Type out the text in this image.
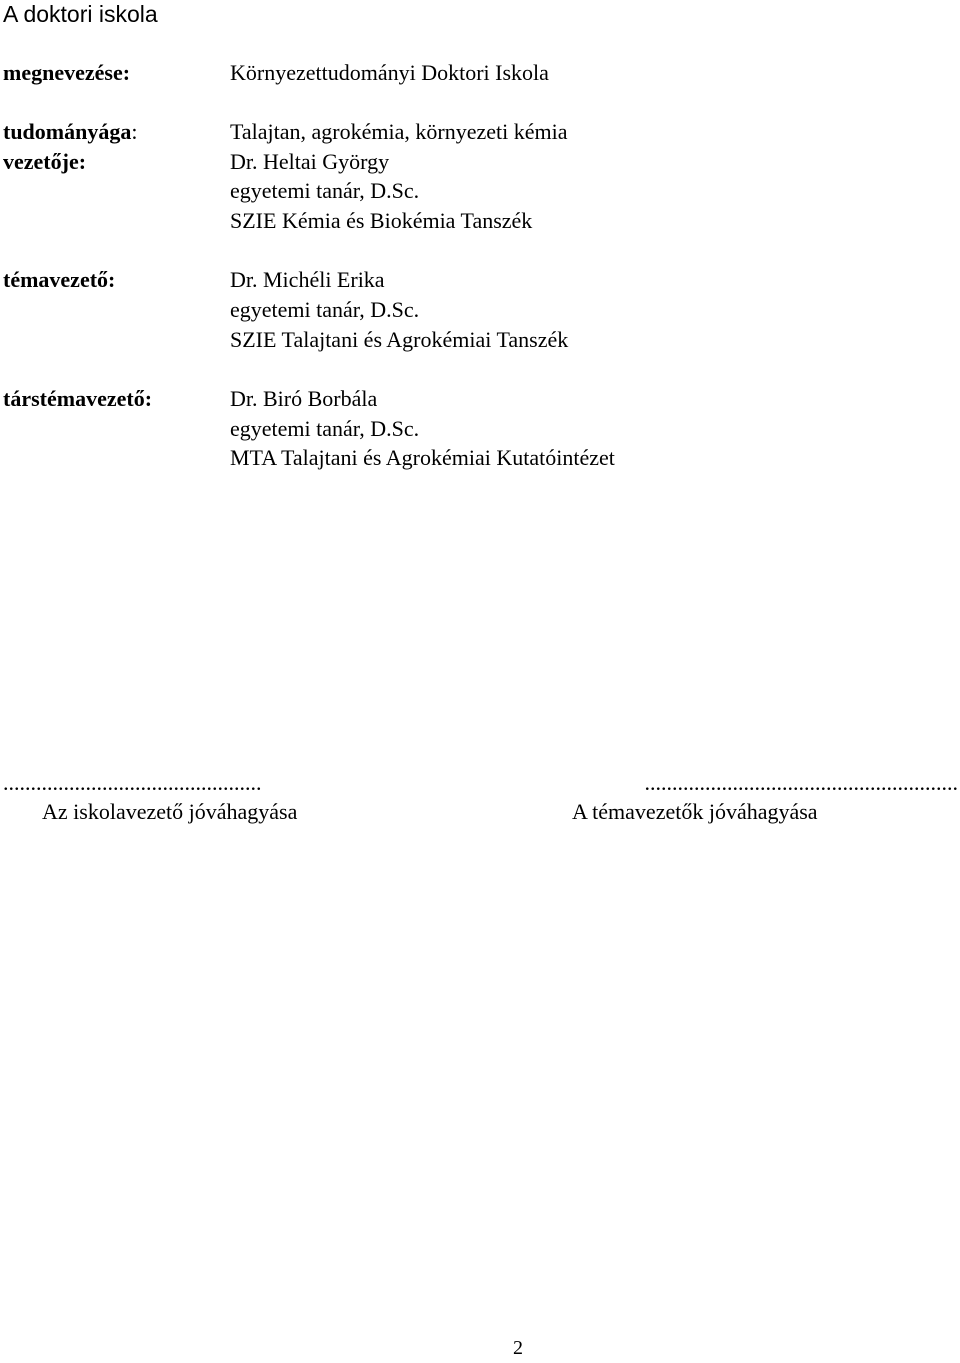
A doktori iskola
megnevezése:	Környezettudományi Doktori Iskola
tudományága:	Talajtan, agrokémia, környezeti kémia
vezetője:	Dr. Heltai György
egyetemi tanár, D.Sc.
SZIE Kémia és Biokémia Tanszék
témavezető:	Dr. Michéli Erika
egyetemi tanár, D.Sc.
SZIE Talajtani és Agrokémiai Tanszék
társtémavezető:	Dr. Biró Borbála
egyetemi tanár, D.Sc.
MTA Talajtani és Agrokémiai Kutatóintézet
...............................................
Az iskolavezető jóváhagyása
.........................................................
A témavezetők jóváhagyása
2
